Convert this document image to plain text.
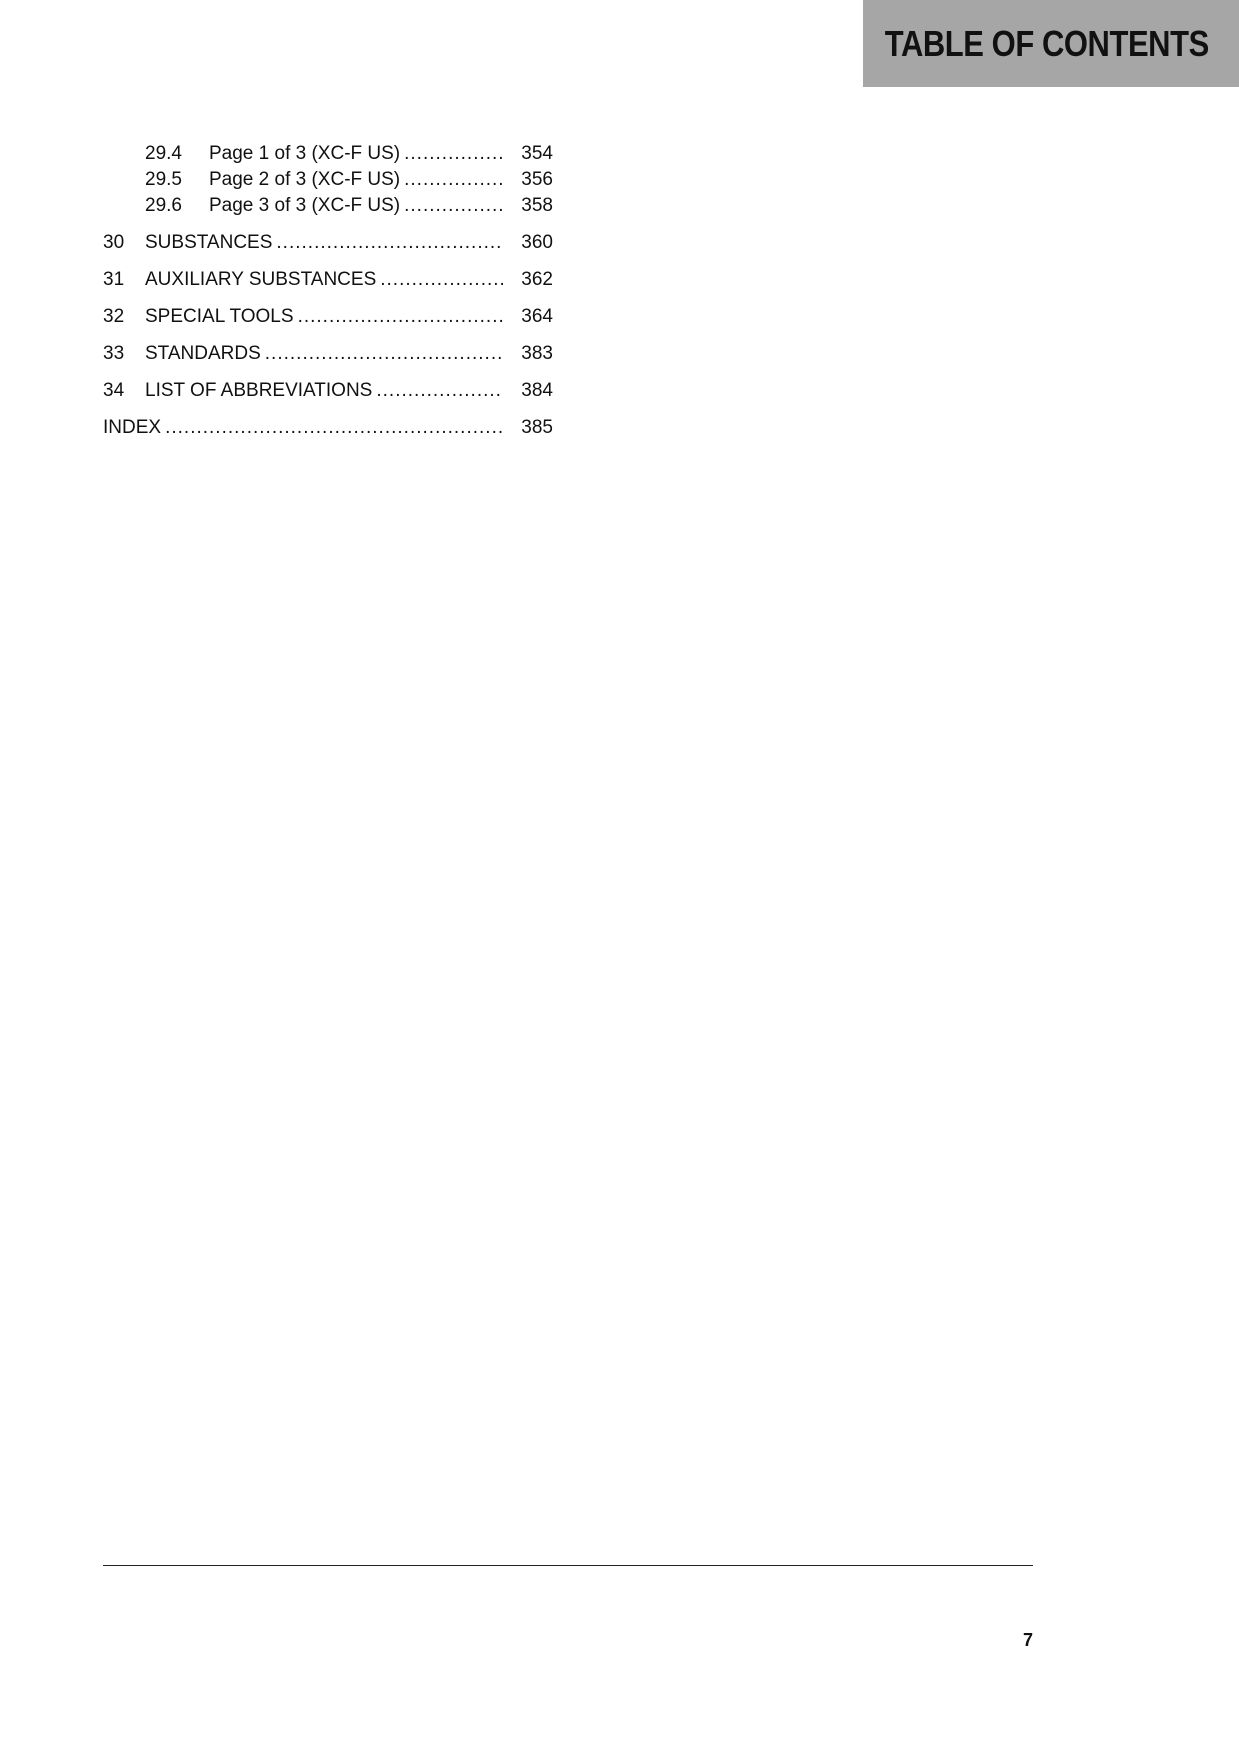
TABLE OF CONTENTS
29.4 Page 1 of 3 (XC-F US) .....	354
29.5 Page 2 of 3 (XC-F US) .....	356
29.6 Page 3 of 3 (XC-F US) .....	358
30	SUBSTANCES .....	360
31	AUXILIARY SUBSTANCES .....	362
32	SPECIAL TOOLS .....	364
33	STANDARDS .....	383
34	LIST OF ABBREVIATIONS .....	384
INDEX .....	385
7
